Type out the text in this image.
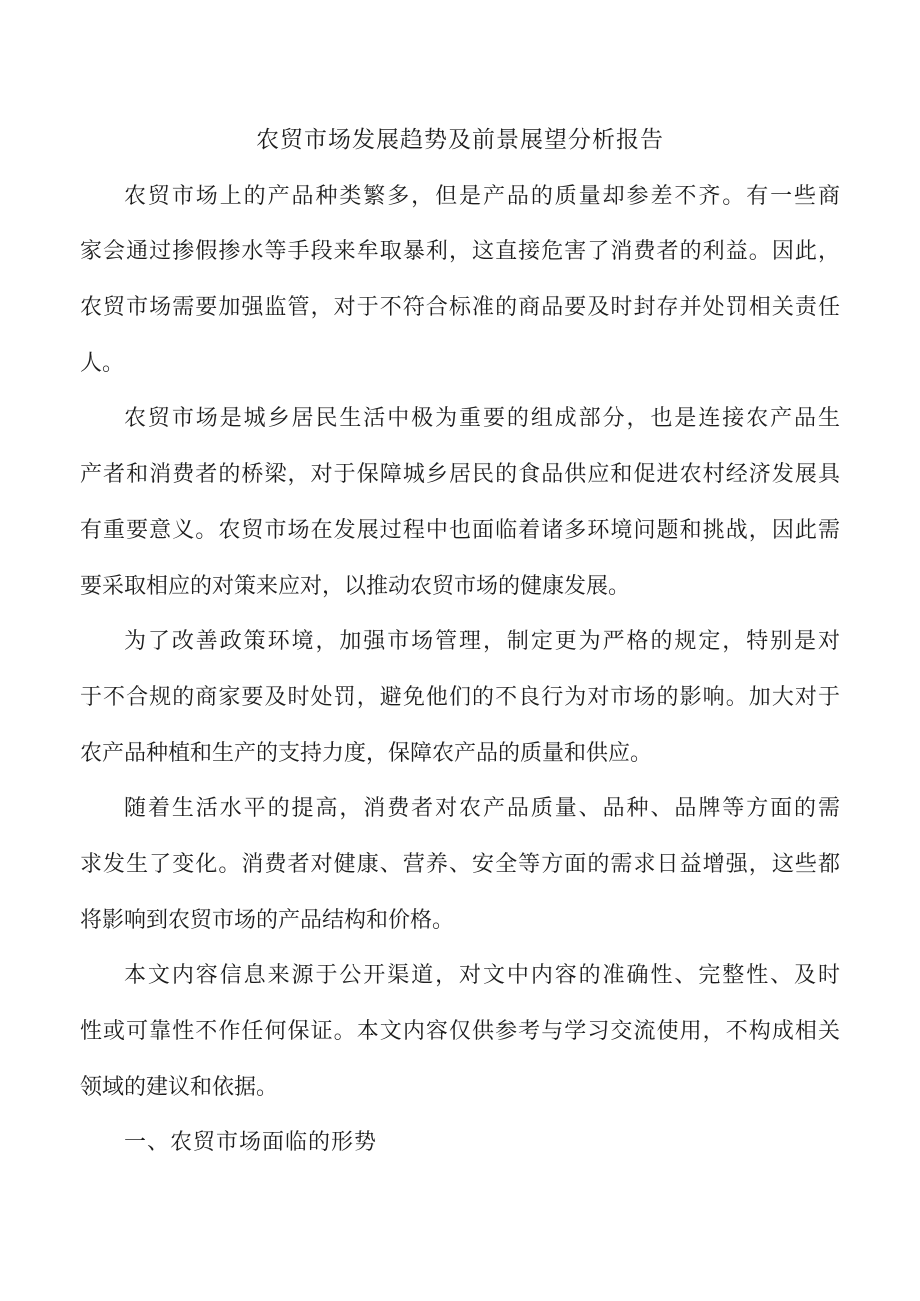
农贸市场发展趋势及前景展望分析报告
农贸市场上的产品种类繁多，但是产品的质量却参差不齐。有一些商
家会通过掺假掺水等手段来牟取暴利，这直接危害了消费者的利益。因此，
农贸市场需要加强监管，对于不符合标准的商品要及时封存并处罚相关责任
人。
农贸市场是城乡居民生活中极为重要的组成部分，也是连接农产品生
产者和消费者的桥梁，对于保障城乡居民的食品供应和促进农村经济发展具
有重要意义。农贸市场在发展过程中也面临着诸多环境问题和挑战，因此需
要采取相应的对策来应对，以推动农贸市场的健康发展。
为了改善政策环境，加强市场管理，制定更为严格的规定，特别是对
于不合规的商家要及时处罚，避免他们的不良行为对市场的影响。加大对于
农产品种植和生产的支持力度，保障农产品的质量和供应。
随着生活水平的提高，消费者对农产品质量、品种、品牌等方面的需
求发生了变化。消费者对健康、营养、安全等方面的需求日益增强，这些都
将影响到农贸市场的产品结构和价格。
本文内容信息来源于公开渠道，对文中内容的准确性、完整性、及时
性或可靠性不作任何保证。本文内容仅供参考与学习交流使用，不构成相关
领域的建议和依据。
一、农贸市场面临的形势
